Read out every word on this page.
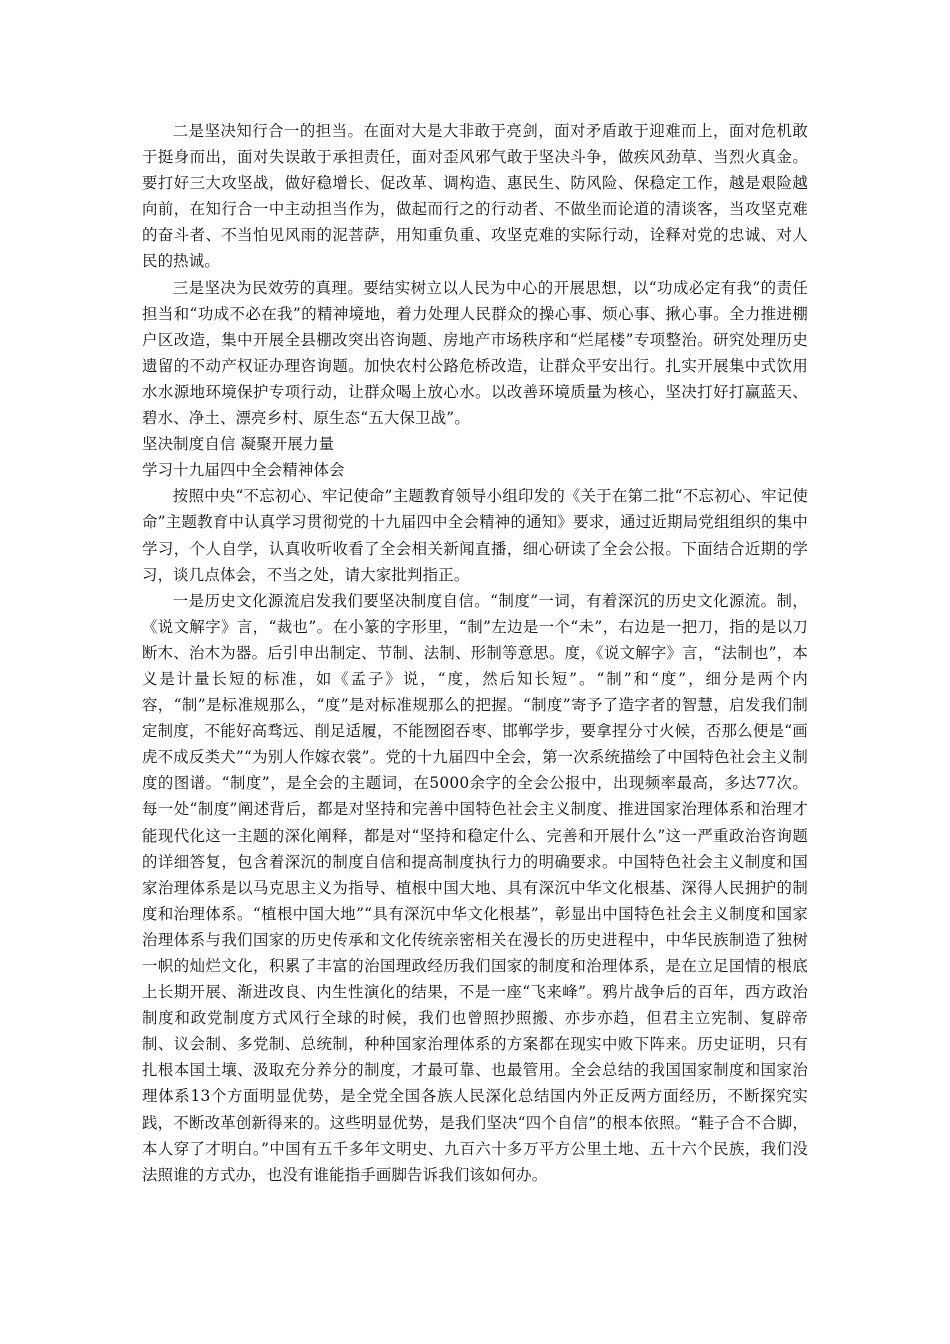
二是坚决知行合一的担当。在面对大是大非敢于亮剑，面对矛盾敢于迎难而上，面对危机敢于挺身而出，面对失误敢于承担责任，面对歪风邪气敢于坚决斗争，做疾风劲草、当烈火真金。要打好三大攻坚战，做好稳增长、促改革、调构造、惠民生、防风险、保稳定工作，越是艰险越向前，在知行合一中主动担当作为，做起而行之的行动者、不做坐而论道的清谈客，当攻坚克难的奋斗者、不当怕见风雨的泥菩萨，用知重负重、攻坚克难的实际行动，诠释对党的忠诚、对人民的热诚。

三是坚决为民效劳的真理。要结实树立以人民为中心的开展思想，以“功成必定有我”的责任担当和“功成不必在我”的精神境地，着力处理人民群众的操心事、烦心事、揪心事。全力推进棚户区改造，集中开展全县棚改突出咨询题、房地产市场秩序和“烂尾楼”专项整治。研究处理历史遗留的不动产权证办理咨询题。加快农村公路危桥改造，让群众平安出行。扎实开展集中式饮用水水源地环境保护专项行动，让群众喝上放心水。以改善环境质量为核心，坚决打好打赢蓝天、碧水、净土、漂亮乡村、原生态“五大保卫战”。

坚决制度自信 凝聚开展力量

学习十九届四中全会精神体会

按照中央“不忘初心、牢记使命”主题教育领导小组印发的《关于在第二批“不忘初心、牢记使命”主题教育中认真学习贯彻党的十九届四中全会精神的通知》要求，通过近期局党组组织的集中学习，个人自学，认真收听收看了全会相关新闻直播，细心研读了全会公报。下面结合近期的学习，谈几点体会，不当之处，请大家批判指正。

一是历史文化源流启发我们要坚决制度自信。“制度”一词，有着深沉的历史文化源流。制，《说文解字》言，“裁也”。在小篆的字形里，“制”左边是一个“未”，右边是一把刀，指的是以刀断木、治木为器。后引申出制定、节制、法制、形制等意思。度，《说文解字》言，“法制也”，本义是计量长短的标准，如《孟子》说，“度，然后知长短”。“制”和“度”，细分是两个内容，“制”是标准规那么，“度”是对标准规那么的把握。“制度”寄予了造字者的智慧，启发我们制定制度，不能好高骛远、削足适履，不能囫囵吞枣、邯郸学步，要拿捏分寸火候，否那么便是“画虎不成反类犬”“为别人作嫁衣裳”。党的十九届四中全会，第一次系统描绘了中国特色社会主义制度的图谱。“制度”，是全会的主题词，在5000余字的全会公报中，出现频率最高，多达77次。每一处“制度”阐述背后，都是对坚持和完善中国特色社会主义制度、推进国家治理体系和治理才能现代化这一主题的深化阐释，都是对“坚持和稳定什么、完善和开展什么”这一严重政治咨询题的详细答复，包含着深沉的制度自信和提高制度执行力的明确要求。中国特色社会主义制度和国家治理体系是以马克思主义为指导、植根中国大地、具有深沉中华文化根基、深得人民拥护的制度和治理体系。“植根中国大地”“具有深沉中华文化根基”，彰显出中国特色社会主义制度和国家治理体系与我们国家的历史传承和文化传统亲密相关在漫长的历史进程中，中华民族制造了独树一帜的灿烂文化，积累了丰富的治国理政经历我们国家的制度和治理体系，是在立足国情的根底上长期开展、渐进改良、内生性演化的结果，不是一座“飞来峰”。鸦片战争后的百年，西方政治制度和政党制度方式风行全球的时候，我们也曾照抄照搬、亦步亦趋，但君主立宪制、复辟帝制、议会制、多党制、总统制，种种国家治理体系的方案都在现实中败下阵来。历史证明，只有扎根本国土壤、汲取充分养分的制度，才最可靠、也最管用。全会总结的我国国家制度和国家治理体系13个方面明显优势，是全党全国各族人民深化总结国内外正反两方面经历，不断探究实践，不断改革创新得来的。这些明显优势，是我们坚决“四个自信”的根本依照。“鞋子合不合脚，本人穿了才明白。”中国有五千多年文明史、九百六十多万平方公里土地、五十六个民族，我们没法照谁的方式办，也没有谁能指手画脚告诉我们该如何办。
